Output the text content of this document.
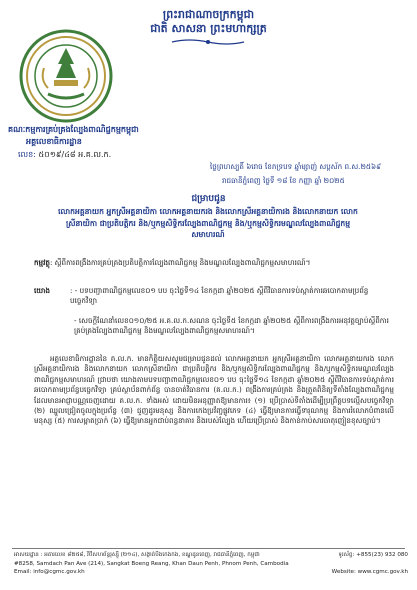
ព្រះរាជាណាចក្រកម្ពុជា
ជាតិ សាសនា ព្រះមហាក្សត្រ
គណៈកម្មការគ្រប់គ្រងល្បែងពាណិជ្ជកម្មកម្ពុជា
អគ្គលេខាធិការដ្ឋាន
លេខ: ៥០១៩/៤៨ អ.គ.ល.ក.
ថ្ងៃព្រហស្បតិ៍ ៦រោច ខែភទ្របទ ឆ្នាំម្សាញ់ សប្តស័ក ព.ស.២៥៦៩
រាជធានីភ្នំពេញ ថ្ងៃទី ១៨ ខែ កញ្ញា ឆ្នាំ ២០២៥
ជម្រាបជូន
លោកអគ្គនាយក អ្នកស្រីអគ្គនាយិកា លោកអគ្គនាយករង និងលោកស្រីអគ្គនាយិការង និងលោកនាយក លោកស្រីនាយិកា ជាប្រតិបត្តិករ និង/ឬកម្មសិទ្ធិករល្បែងពាណិជ្ជកម្ម និង/ឬកម្មសិទ្ធិករមណ្ឌលល្បែងពាណិជ្ជកម្មសមាហរណ៍
កម្មវត្ថុ: ស្តីពីការពង្រឹងការគ្រប់គ្រងប្រតិបត្តិការល្បែងពាណិជ្ជកម្ម និងមណ្ឌលល្បែងពាណិជ្ជកម្មសមាហរណ៍។
យោង	: - បទបញ្ជាពាណិជ្ជកម្មលេខ០១ បប ចុះថ្ងៃទី១៤ ខែកក្កដា ឆ្នាំ២០២៥ ស្តីពីវិធានការទប់ស្កាត់ការឆបោកតាមប្រព័ន្ធបច្ចេកវិទ្យា
- សេចក្តីណែនាំលេខ០១០/២៥ អ.គ.ល.ក.សណន ចុះថ្ងៃទី៥ ខែកក្កដា ឆ្នាំ២០២៥ ស្តីពីការពង្រឹងការអនុវត្តច្បាប់ស្តីពីការគ្រប់គ្រងល្បែងពាណិជ្ជកម្ម និងមណ្ឌលល្បែងពាណិជ្ជកម្មសមាហរណ៍។
អគ្គលេខាធិការដ្ឋាននៃ គ.ល.ក. មានកិត្តិយសសូមជម្រាបជូនដល់ លោកអគ្គនាយក អ្នកស្រីអគ្គនាយិកា លោកអគ្គនាយករង លោកស្រីអគ្គនាយិការង និងលោកនាយក លោកស្រីនាយិកា ជាប្រតិបត្តិករ និង/ឬកម្មសិទ្ធិករល្បែងពាណិជ្ជកម្ម និង/ឬកម្មសិទ្ធិករមណ្ឌលល្បែងពាណិជ្ជកម្មសមាហរណ៍ ជ្រាបថា យោងតាមបទបញ្ជាពាណិជ្ជកម្មលេខ០១ បប ចុះថ្ងៃទី១៤ ខែកក្កដា ឆ្នាំ២០២៥ ស្តីពីវិធានការទប់ស្កាត់ការឆបោកតាមប្រព័ន្ធបច្ចេកវិទ្យា គ្រប់ស្ថាប័នពាក់ព័ន្ធ បានចាត់វិធានការ (គ.ល.ក.) ពង្រឹងការគ្រប់គ្រង និងត្រួតពិនិត្យទីតាំងល្បែងពាណិជ្ជកម្មដែលមានអាជ្ញាបណ្ណចេញដោយ គ.ល.ក. ទាំងអស់ ដោយមិនអនុញ្ញាតឱ្យមានការ៖ (១) ប្រើប្រាស់ទីតាំងដើម្បីប្រព្រឹត្តបទល្មើសបច្ចេកវិទ្យា (២) ឈ្នួលជ្រៀតចូលក្នុងប្រព័ន្ធ (៣) ជួញដូរមនុស្ស និងការកេងប្រវ័ញ្ចផ្លូវភេទ (៤) ធ្វើឱ្យមានការធ្វើទារុណកម្ម និងការរំលោភបំពានលើមនុស្ស (៥) ការសម្អាតប្រាក់ (៦) ធ្វើឱ្យមានអ្នកជាប់ពន្ធនាគារ និងរបស់ល្បែង ហើយប្រើប្រាស់ និងកាន់កាប់សារធាតុញៀនខុសច្បាប់។
អាសយដ្ឋាន : អគារលេខ ៨២៥៨, វិថីសហព័ន្ធរុស្ស៊ី (២១៤), សង្កាត់បឹងកេងកង, ខណ្ឌដូនពេញ, រាជធានីភ្នំពេញ, កម្ពុជា
#8258, Samdach Pan Ave (214), Sangkat Boeng Reang, Khan Daun Penh, Phnom Penh, Cambodia
Email: info@cgmc.gov.kh
ទូរស័ព្ទ: +855(23) 932 080

Website: www.cgmc.gov.kh
